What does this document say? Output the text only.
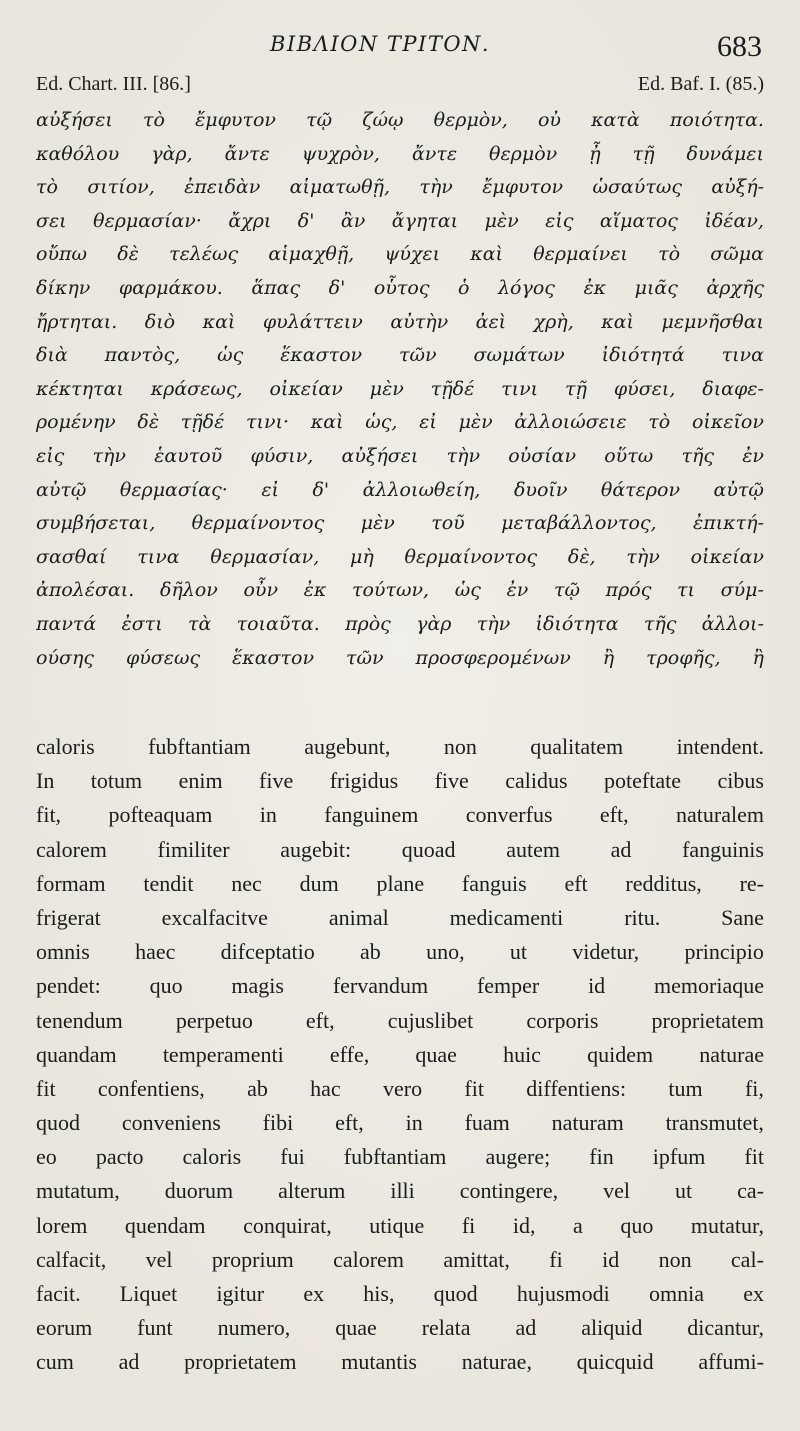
ΒΙΒΛΙΟΝ ΤΡΙΤΟΝ.	683
Ed. Chart. III. [86.]	Ed. Baf. I. (85.)
αὐξήσει τὸ ἔμφυτον τῷ ζώῳ θερμὸν, οὐ κατὰ ποιότητα.
καθόλου γὰρ, ἄντε ψυχρὸν, ἄντε θερμὸν ᾖ τῇ δυνάμει
τὸ σιτίον, ἐπειδὰν αἱματωθῇ, τὴν ἔμφυτον ὡσαύτως αὐξή-
σει θερμασίαν· ἄχρι δ' ἂν ἄγηται μὲν εἰς αἵματος ἰδέαν,
οὔπω δὲ τελέως αἱμαχθῇ, ψύχει καὶ θερμαίνει τὸ σῶμα
δίκην φαρμάκου. ἅπας δ' οὗτος ὁ λόγος ἐκ μιᾶς ἀρχῆς
ἤρτηται. διὸ καὶ φυλάττειν αὐτὴν ἀεὶ χρὴ, καὶ μεμνῆσθαι
διὰ παντὸς, ὡς ἕκαστον τῶν σωμάτων ἰδιότητά τινα
κέκτηται κράσεως, οἰκείαν μὲν τῇδέ τινι τῇ φύσει, διαφε-
ρομένην δὲ τῇδέ τινι· καὶ ὡς, εἰ μὲν ἀλλοιώσειε τὸ οἰκεῖον
εἰς τὴν ἑαυτοῦ φύσιν, αὐξήσει τὴν οὐσίαν οὕτω τῆς ἐν
αὐτῷ θερμασίας· εἰ δ' ἀλλοιωθείη, δυοῖν θάτερον αὐτῷ
συμβήσεται, θερμαίνοντος μὲν τοῦ μεταβάλλοντος, ἐπικτή-
σασθαί τινα θερμασίαν, μὴ θερμαίνοντος δὲ, τὴν οἰκείαν
ἀπολέσαι. δῆλον οὖν ἐκ τούτων, ὡς ἐν τῷ πρός τι σύμ-
παντά ἐστι τὰ τοιαῦτα. πρὸς γὰρ τὴν ἰδιότητα τῆς ἀλλοι-
ούσης φύσεως ἕκαστον τῶν προσφερομένων ἢ τροφῆς, ἢ
caloris fubftantiam augebunt, non qualitatem intendent.
In totum enim five frigidus five calidus poteftate cibus
fit, pofteaquam in fanguinem converfus eft, naturalem
calorem fimiliter augebit: quoad autem ad fanguinis
formam tendit nec dum plane fanguis eft redditus, re-
frigerat	excalfacitve	animal	medicamenti	ritu.	Sane
omnis haec difceptatio ab uno, ut videtur, principio
pendet: quo magis fervandum femper id memoriaque
tenendum perpetuo eft, cujuslibet corporis proprietatem
quandam temperamenti effe, quae huic quidem naturae
fit confentiens, ab hac vero fit diffentiens: tum fi,
quod conveniens fibi eft, in fuam naturam transmutet,
eo pacto caloris fui fubftantiam augere; fin ipfum fit
mutatum, duorum alterum illi contingere, vel ut ca-
lorem quendam conquirat, utique fi id, a quo mutatur,
calfacit, vel proprium calorem amittat, fi id non cal-
facit. Liquet igitur ex his, quod hujusmodi omnia ex
eorum funt numero, quae relata ad aliquid dicantur,
cum ad proprietatem mutantis naturae, quicquid affumi-
